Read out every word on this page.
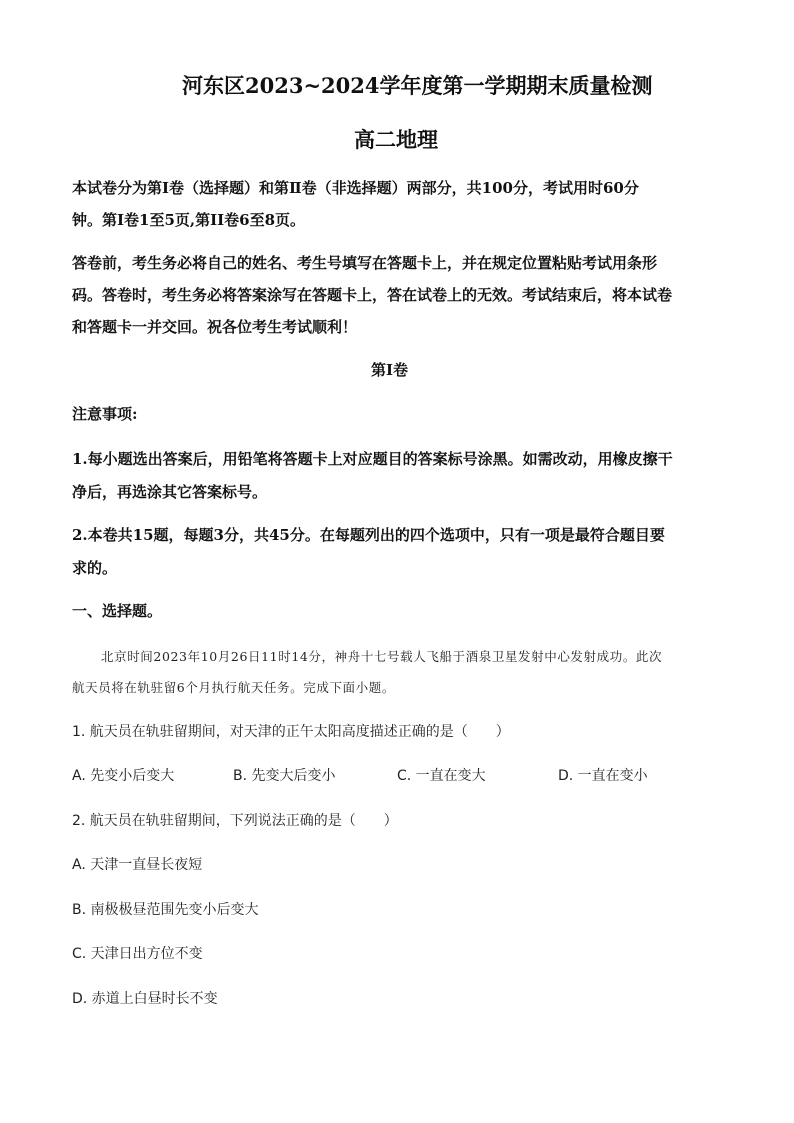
河东区2023~2024学年度第一学期期末质量检测
高二地理
本试卷分为第Ⅰ卷（选择题）和第Ⅱ卷（非选择题）两部分，共100分，考试用时60分
钟。第Ⅰ卷1至5页,第II卷6至8页。
答卷前，考生务必将自己的姓名、考生号填写在答题卡上，并在规定位置粘贴考试用条形
码。答卷时，考生务必将答案涂写在答题卡上，答在试卷上的无效。考试结束后，将本试卷
和答题卡一并交回。祝各位考生考试顺利！
第Ⅰ卷
注意事项:
1.每小题选出答案后，用铅笔将答题卡上对应题目的答案标号涂黑。如需改动，用橡皮擦干
净后，再选涂其它答案标号。
2.本卷共15题，每题3分，共45分。在每题列出的四个选项中，只有一项是最符合题目要
求的。
一、选择题。
北京时间2023年10月26日11时14分，神舟十七号载人飞船于酒泉卫星发射中心发射成功。此次
航天员将在轨驻留6个月执行航天任务。完成下面小题。
1. 航天员在轨驻留期间，对天津的正午太阳高度描述正确的是（　　）
A. 先变小后变大	B. 先变大后变小	C. 一直在变大	D. 一直在变小
2. 航天员在轨驻留期间，下列说法正确的是（　　）
A. 天津一直昼长夜短
B. 南极极昼范围先变小后变大
C. 天津日出方位不变
D. 赤道上白昼时长不变
